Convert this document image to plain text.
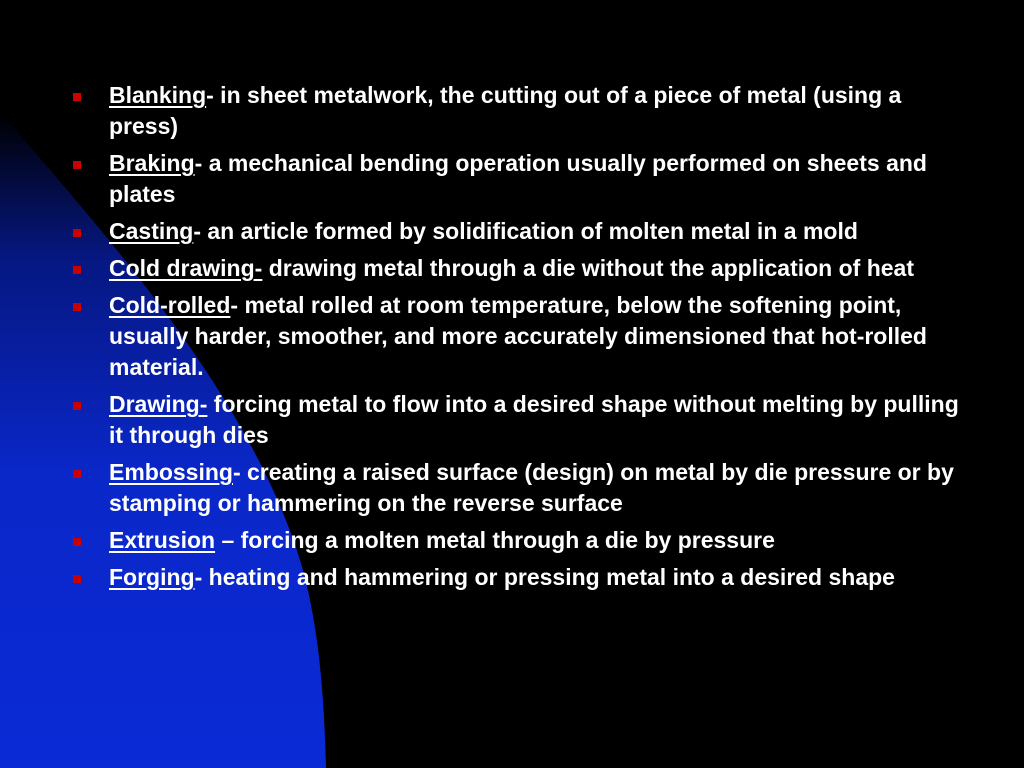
Blanking- in sheet metalwork, the cutting out of a piece of metal (using a press)
Braking- a mechanical bending operation usually performed on sheets and plates
Casting- an article formed by solidification of molten metal in a mold
Cold drawing- drawing metal through a die without the application of heat
Cold-rolled- metal rolled at room temperature, below the softening point, usually harder, smoother, and more accurately dimensioned that hot-rolled material.
Drawing- forcing metal to flow into a desired shape without melting by pulling it through dies
Embossing- creating a raised surface (design) on metal by die pressure or by stamping or hammering on the reverse surface
Extrusion – forcing a molten metal through a die by pressure
Forging- heating and hammering or pressing metal into a desired shape
